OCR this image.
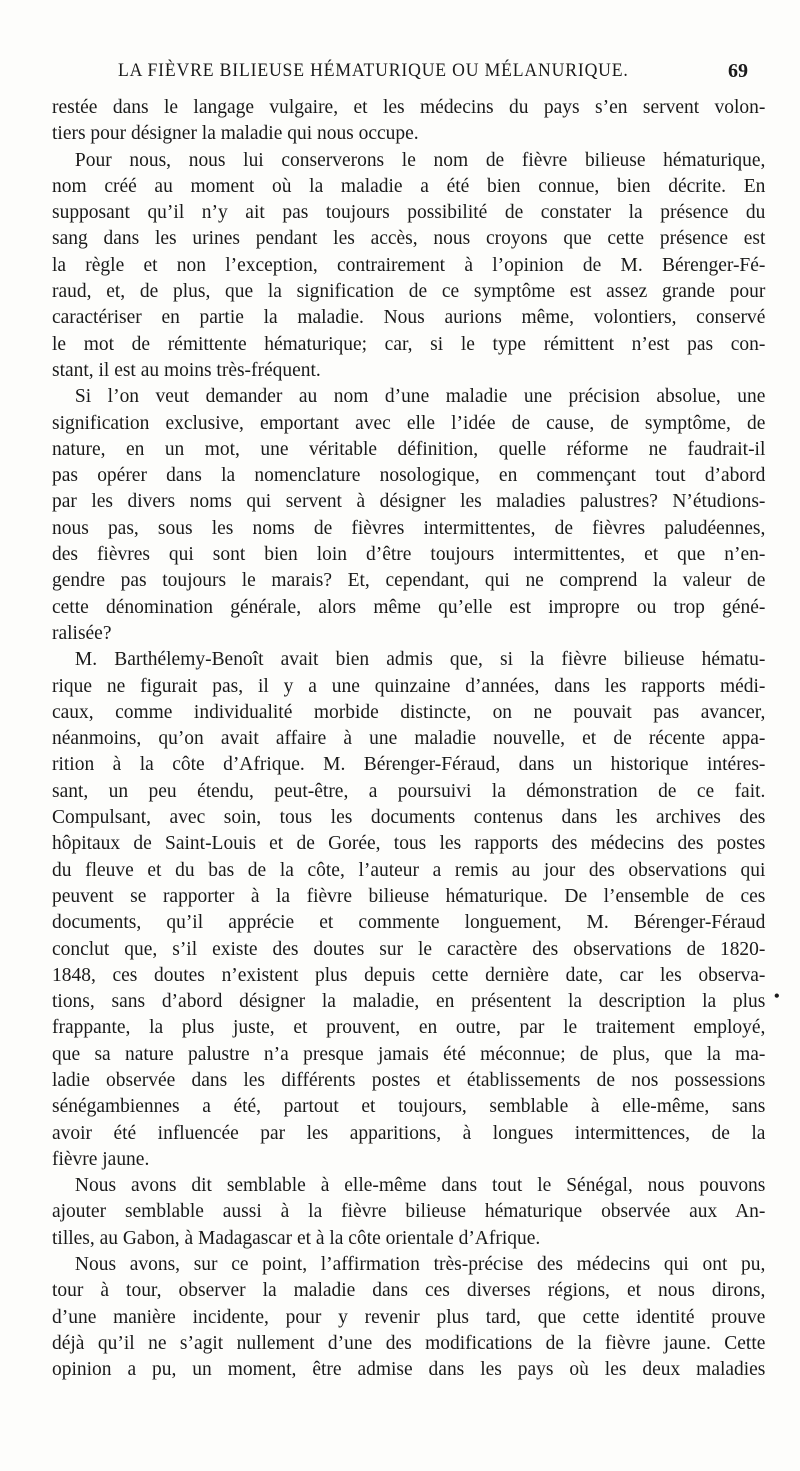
LA FIÈVRE BILIEUSE HÉMATURIQUE OU MÉLANURIQUE.	69
restée dans le langage vulgaire, et les médecins du pays s’en servent volon-
tiers pour désigner la maladie qui nous occupe.
Pour nous, nous lui conserverons le nom de fièvre bilieuse hématurique,
nom créé au moment où la maladie a été bien connue, bien décrite. En
supposant qu’il n’y ait pas toujours possibilité de constater la présence du
sang dans les urines pendant les accès, nous croyons que cette présence est
la règle et non l’exception, contrairement à l’opinion de M. Bérenger-Fé-
raud, et, de plus, que la signification de ce symptôme est assez grande pour
caractériser en partie la maladie. Nous aurions même, volontiers, conservé
le mot de rémittente hématurique; car, si le type rémittent n’est pas con-
stant, il est au moins très-fréquent.
Si l’on veut demander au nom d’une maladie une précision absolue, une
signification exclusive, emportant avec elle l’idée de cause, de symptôme, de
nature, en un mot, une véritable définition, quelle réforme ne faudrait-il
pas opérer dans la nomenclature nosologique, en commençant tout d’abord
par les divers noms qui servent à désigner les maladies palustres? N’étudions-
nous pas, sous les noms de fièvres intermittentes, de fièvres paludéennes,
des fièvres qui sont bien loin d’être toujours intermittentes, et que n’en-
gendre pas toujours le marais? Et, cependant, qui ne comprend la valeur de
cette dénomination générale, alors même qu’elle est impropre ou trop géné-
ralisée?
M. Barthélemy-Benoît avait bien admis que, si la fièvre bilieuse hématu-
rique ne figurait pas, il y a une quinzaine d’années, dans les rapports médi-
caux, comme individualité morbide distincte, on ne pouvait pas avancer,
néanmoins, qu’on avait affaire à une maladie nouvelle, et de récente appa-
rition à la côte d’Afrique. M. Bérenger-Féraud, dans un historique intéres-
sant, un peu étendu, peut-être, a poursuivi la démonstration de ce fait.
Compulsant, avec soin, tous les documents contenus dans les archives des
hôpitaux de Saint-Louis et de Gorée, tous les rapports des médecins des postes
du fleuve et du bas de la côte, l’auteur a remis au jour des observations qui
peuvent se rapporter à la fièvre bilieuse hématurique. De l’ensemble de ces
documents, qu’il apprécie et commente longuement, M. Bérenger-Féraud
conclut que, s’il existe des doutes sur le caractère des observations de 1820-
1848, ces doutes n’existent plus depuis cette dernière date, car les observa-
tions, sans d’abord désigner la maladie, en présentent la description la plus
frappante, la plus juste, et prouvent, en outre, par le traitement employé,
que sa nature palustre n’a presque jamais été méconnue; de plus, que la ma-
ladie observée dans les différents postes et établissements de nos possessions
sénégambiennes a été, partout et toujours, semblable à elle-même, sans
avoir été influencée par les apparitions, à longues intermittences, de la
fièvre jaune.
Nous avons dit semblable à elle-même dans tout le Sénégal, nous pouvons
ajouter semblable aussi à la fièvre bilieuse hématurique observée aux An-
tilles, au Gabon, à Madagascar et à la côte orientale d’Afrique.
Nous avons, sur ce point, l’affirmation très-précise des médecins qui ont pu,
tour à tour, observer la maladie dans ces diverses régions, et nous dirons,
d’une manière incidente, pour y revenir plus tard, que cette identité prouve
déjà qu’il ne s’agit nullement d’une des modifications de la fièvre jaune. Cette
opinion a pu, un moment, être admise dans les pays où les deux maladies
•
